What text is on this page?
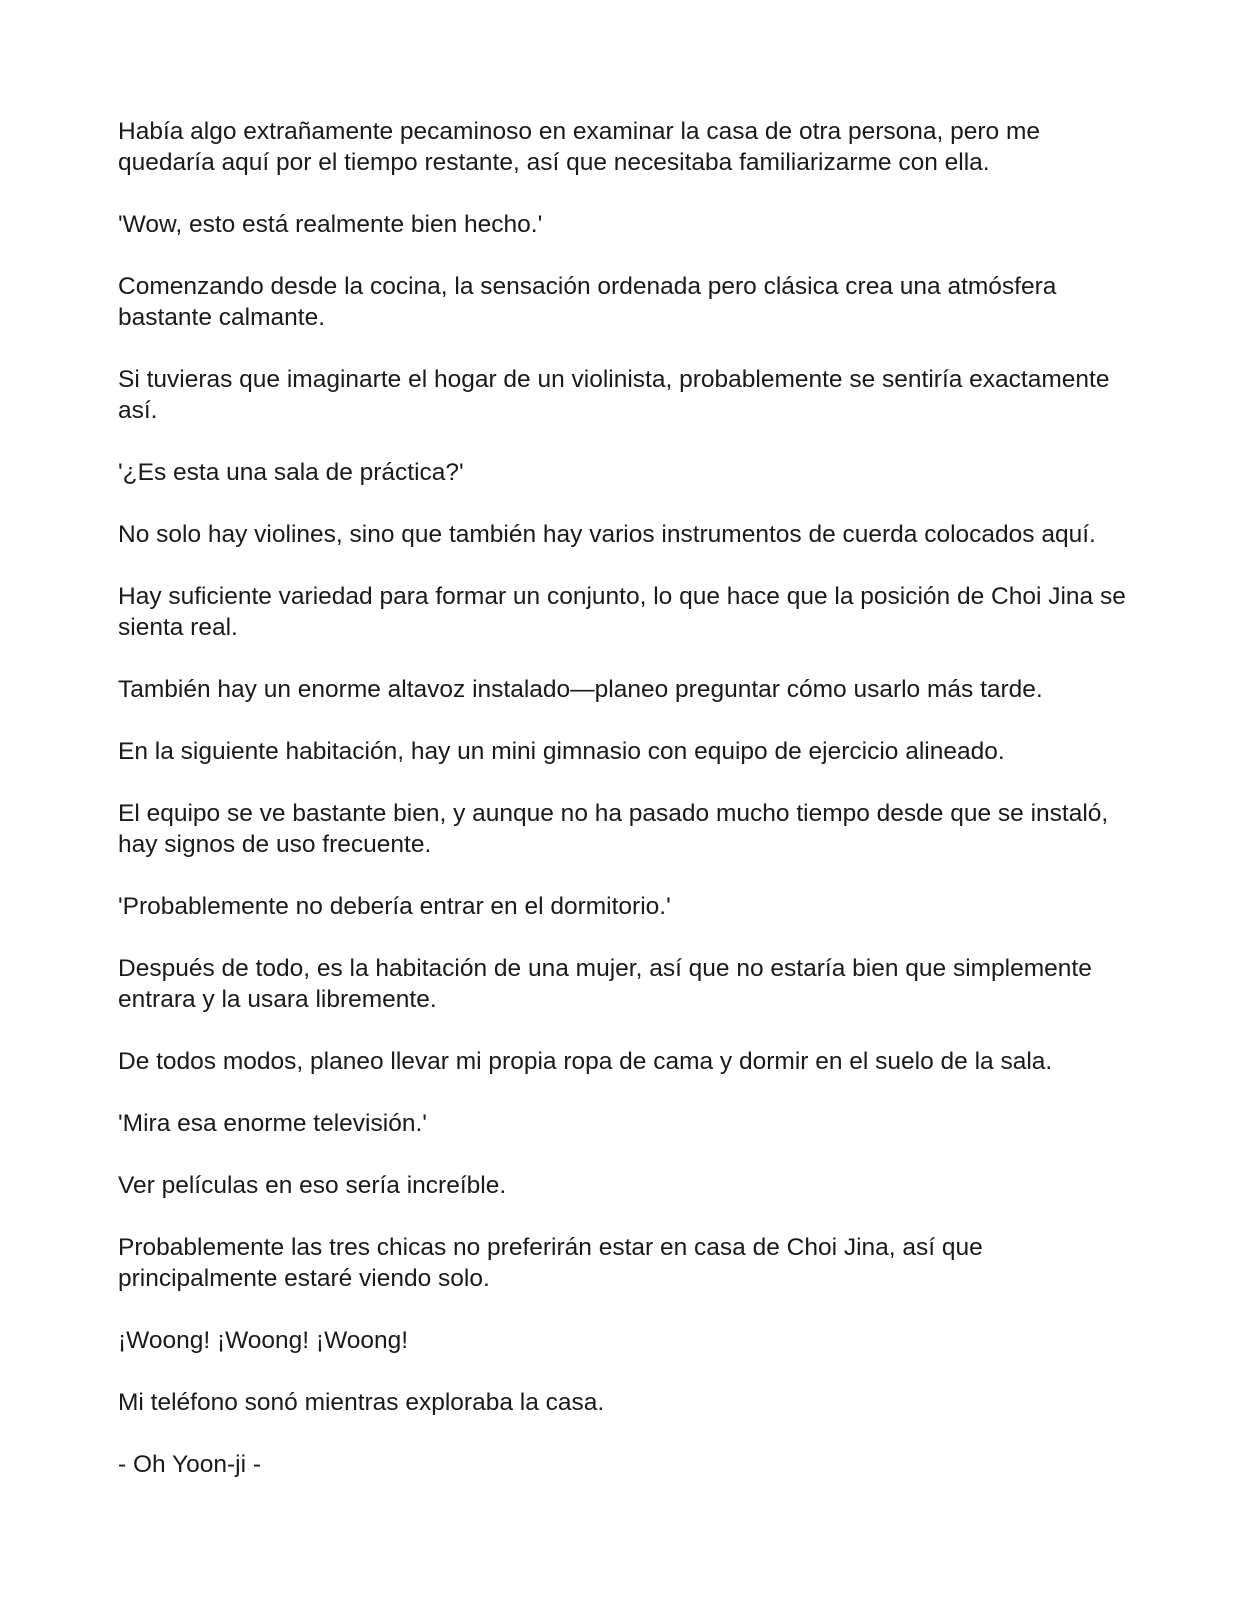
Había algo extrañamente pecaminoso en examinar la casa de otra persona, pero me quedaría aquí por el tiempo restante, así que necesitaba familiarizarme con ella.

'Wow, esto está realmente bien hecho.'

Comenzando desde la cocina, la sensación ordenada pero clásica crea una atmósfera bastante calmante.

Si tuvieras que imaginarte el hogar de un violinista, probablemente se sentiría exactamente así.

'¿Es esta una sala de práctica?'

No solo hay violines, sino que también hay varios instrumentos de cuerda colocados aquí.

Hay suficiente variedad para formar un conjunto, lo que hace que la posición de Choi Jina se sienta real.

También hay un enorme altavoz instalado—planeo preguntar cómo usarlo más tarde.

En la siguiente habitación, hay un mini gimnasio con equipo de ejercicio alineado.

El equipo se ve bastante bien, y aunque no ha pasado mucho tiempo desde que se instaló, hay signos de uso frecuente.

'Probablemente no debería entrar en el dormitorio.'

Después de todo, es la habitación de una mujer, así que no estaría bien que simplemente entrara y la usara libremente.

De todos modos, planeo llevar mi propia ropa de cama y dormir en el suelo de la sala.

'Mira esa enorme televisión.'

Ver películas en eso sería increíble.

Probablemente las tres chicas no preferirán estar en casa de Choi Jina, así que principalmente estaré viendo solo.

¡Woong! ¡Woong! ¡Woong!

Mi teléfono sonó mientras exploraba la casa.

- Oh Yoon-ji -
